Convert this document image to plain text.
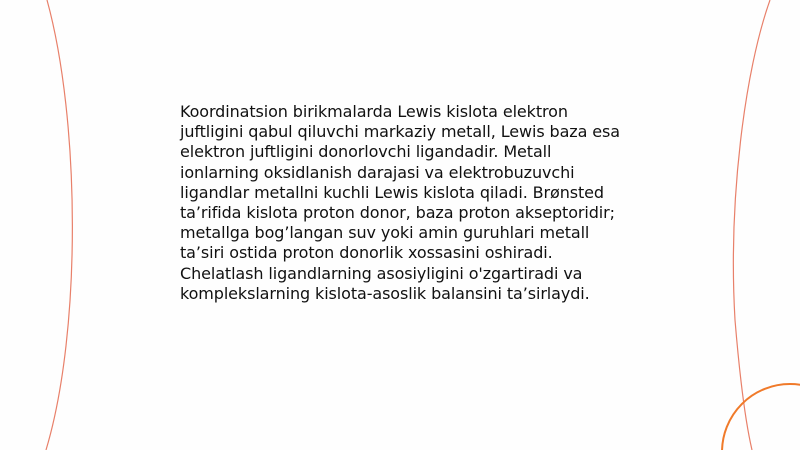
Koordinatsion birikmalarda Lewis kislota elektron juftligini qabul qiluvchi markaziy metall, Lewis baza esa elektron juftligini donorlovchi ligandadir. Metall ionlarning oksidlanish darajasi va elektrobuzuvchi ligandlar metallni kuchli Lewis kislota qiladi. Brønsted ta’rifida kislota proton donor, baza proton akseptoridir; metallga bog’langan suv yoki amin guruhlari metall ta’siri ostida proton donorlik xossasini oshiradi. Chelatlash ligandlarning asosiyligini o'zgartiradi va komplekslarning kislota-asoslik balansini ta’sirlaydi.
